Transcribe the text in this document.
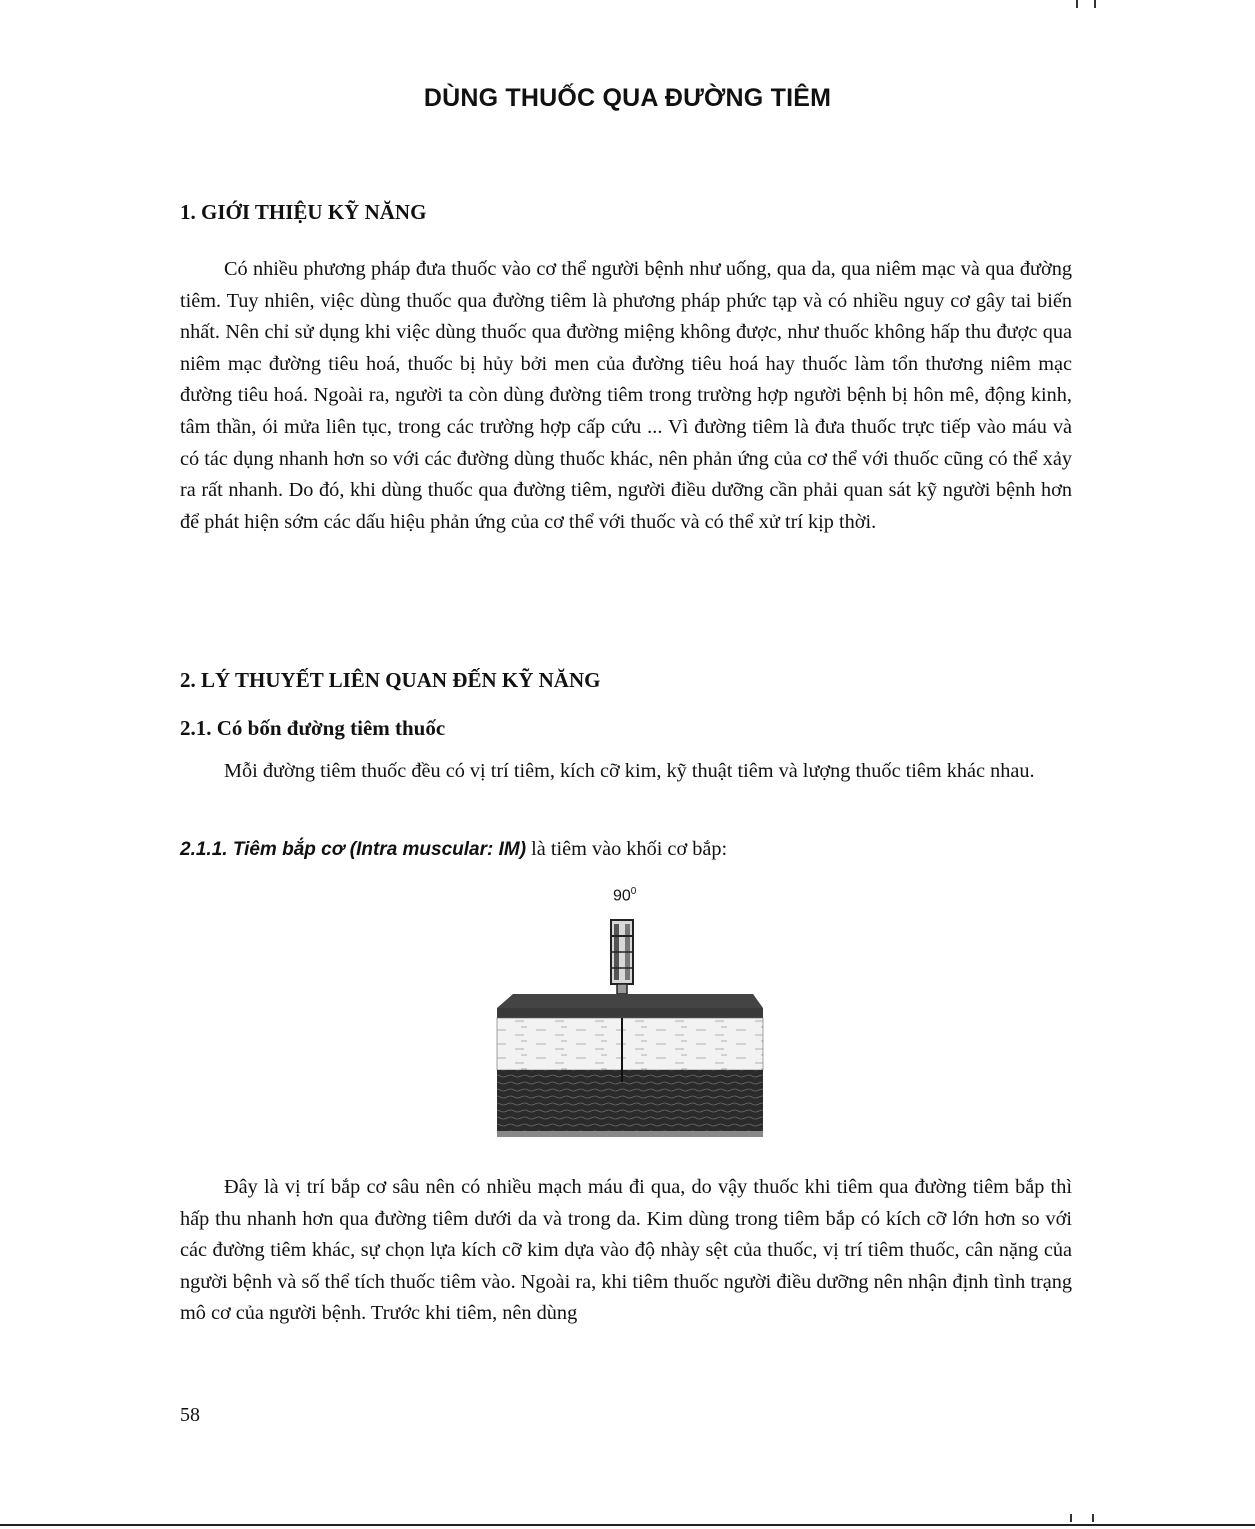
DÙNG THUỐC QUA ĐƯỜNG TIÊM
1. GIỚI THIỆU KỸ NĂNG

Có nhiều phương pháp đưa thuốc vào cơ thể người bệnh như uống, qua da, qua niêm mạc và qua đường tiêm. Tuy nhiên, việc dùng thuốc qua đường tiêm là phương pháp phức tạp và có nhiều nguy cơ gây tai biến nhất. Nên chỉ sử dụng khi việc dùng thuốc qua đường miệng không được, như thuốc không hấp thu được qua niêm mạc đường tiêu hoá, thuốc bị hủy bởi men của đường tiêu hoá hay thuốc làm tổn thương niêm mạc đường tiêu hoá. Ngoài ra, người ta còn dùng đường tiêm trong trường hợp người bệnh bị hôn mê, động kinh, tâm thần, ói mửa liên tục, trong các trường hợp cấp cứu ... Vì đường tiêm là đưa thuốc trực tiếp vào máu và có tác dụng nhanh hơn so với các đường dùng thuốc khác, nên phản ứng của cơ thể với thuốc cũng có thể xảy ra rất nhanh. Do đó, khi dùng thuốc qua đường tiêm, người điều dưỡng cần phải quan sát kỹ người bệnh hơn để phát hiện sớm các dấu hiệu phản ứng của cơ thể với thuốc và có thể xử trí kịp thời.

2. LÝ THUYẾT LIÊN QUAN ĐẾN KỸ NĂNG
2.1. Có bốn đường tiêm thuốc

Mỗi đường tiêm thuốc đều có vị trí tiêm, kích cỡ kim, kỹ thuật tiêm và lượng thuốc tiêm khác nhau.

2.1.1. Tiêm bắp cơ (Intra muscular: IM) là tiêm vào khối cơ bắp:
$90^0$

Đây là vị trí bắp cơ sâu nên có nhiều mạch máu đi qua, do vậy thuốc khi tiêm qua đường tiêm bắp thì hấp thu nhanh hơn qua đường tiêm dưới da và trong da. Kim dùng trong tiêm bắp có kích cỡ lớn hơn so với các đường tiêm khác, sự chọn lựa kích cỡ kim dựa vào độ nhày sệt của thuốc, vị trí tiêm thuốc, cân nặng của người bệnh và số thể tích thuốc tiêm vào. Ngoài ra, khi tiêm thuốc người điều dưỡng nên nhận định tình trạng mô cơ của người bệnh. Trước khi tiêm, nên dùng

58
